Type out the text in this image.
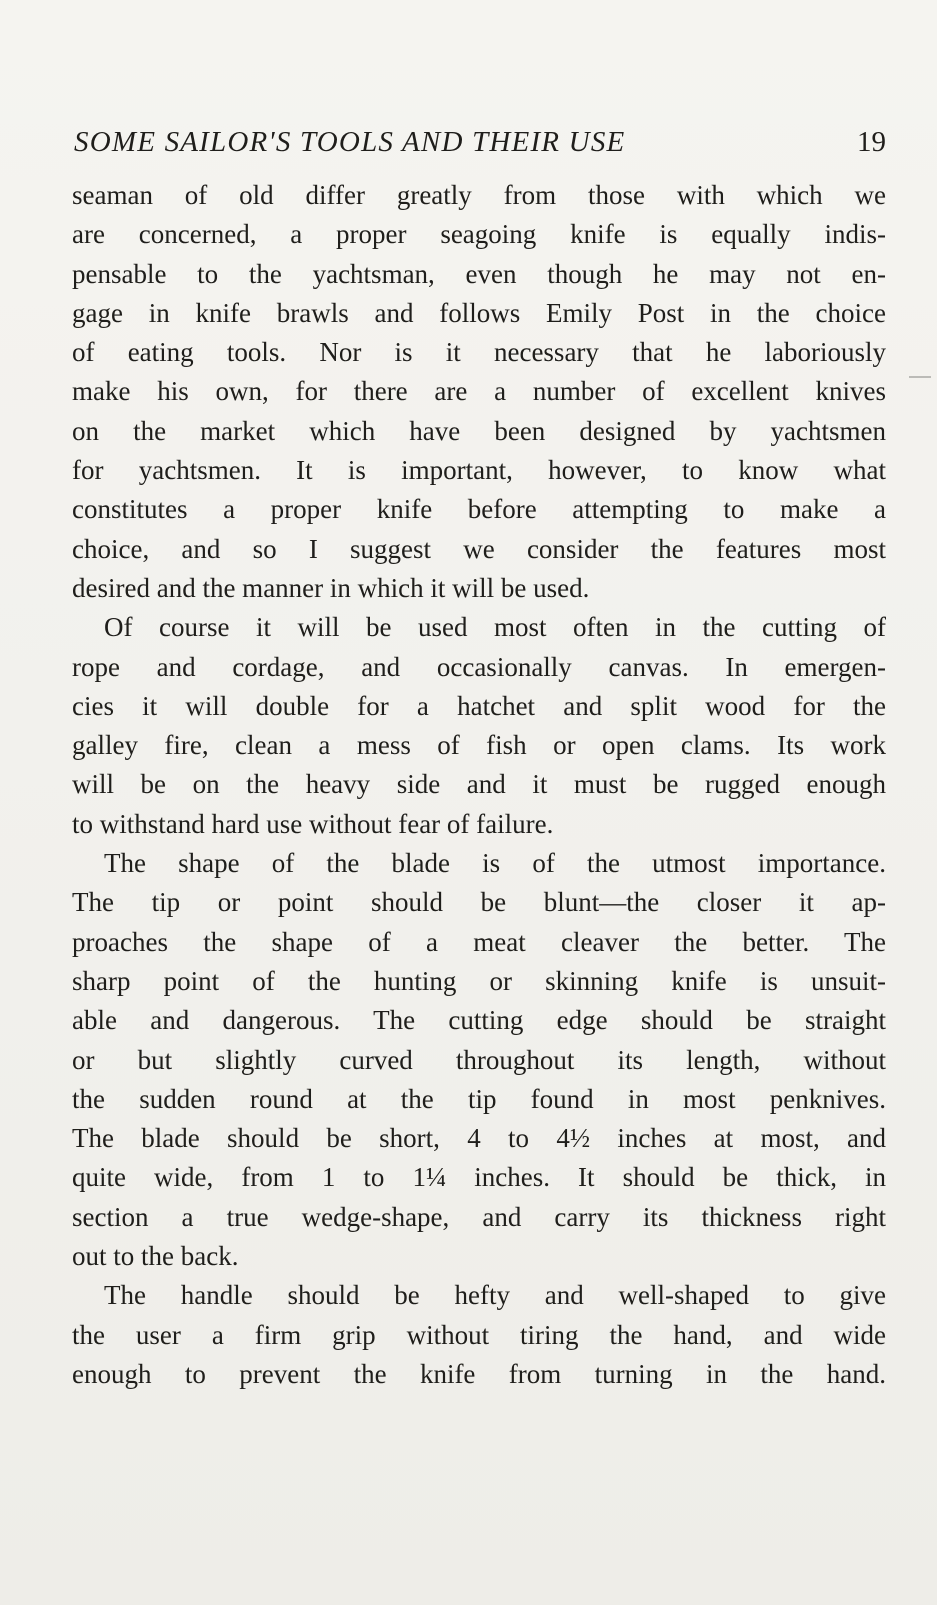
SOME SAILOR'S TOOLS AND THEIR USE	19
seaman of old differ greatly from those with which we
are concerned, a proper seagoing knife is equally indis-
pensable to the yachtsman, even though he may not en-
gage in knife brawls and follows Emily Post in the choice
of eating tools. Nor is it necessary that he laboriously
make his own, for there are a number of excellent knives
on the market which have been designed by yachtsmen
for yachtsmen. It is important, however, to know what
constitutes a proper knife before attempting to make a
choice, and so I suggest we consider the features most
desired and the manner in which it will be used.
Of course it will be used most often in the cutting of
rope and cordage, and occasionally canvas. In emergen-
cies it will double for a hatchet and split wood for the
galley fire, clean a mess of fish or open clams. Its work
will be on the heavy side and it must be rugged enough
to withstand hard use without fear of failure.
The shape of the blade is of the utmost importance.
The tip or point should be blunt—the closer it ap-
proaches the shape of a meat cleaver the better. The
sharp point of the hunting or skinning knife is unsuit-
able and dangerous. The cutting edge should be straight
or but slightly curved throughout its length, without
the sudden round at the tip found in most penknives.
The blade should be short, 4 to 4½ inches at most, and
quite wide, from 1 to 1¼ inches. It should be thick, in
section a true wedge-shape, and carry its thickness right
out to the back.
The handle should be hefty and well-shaped to give
the user a firm grip without tiring the hand, and wide
enough to prevent the knife from turning in the hand.
